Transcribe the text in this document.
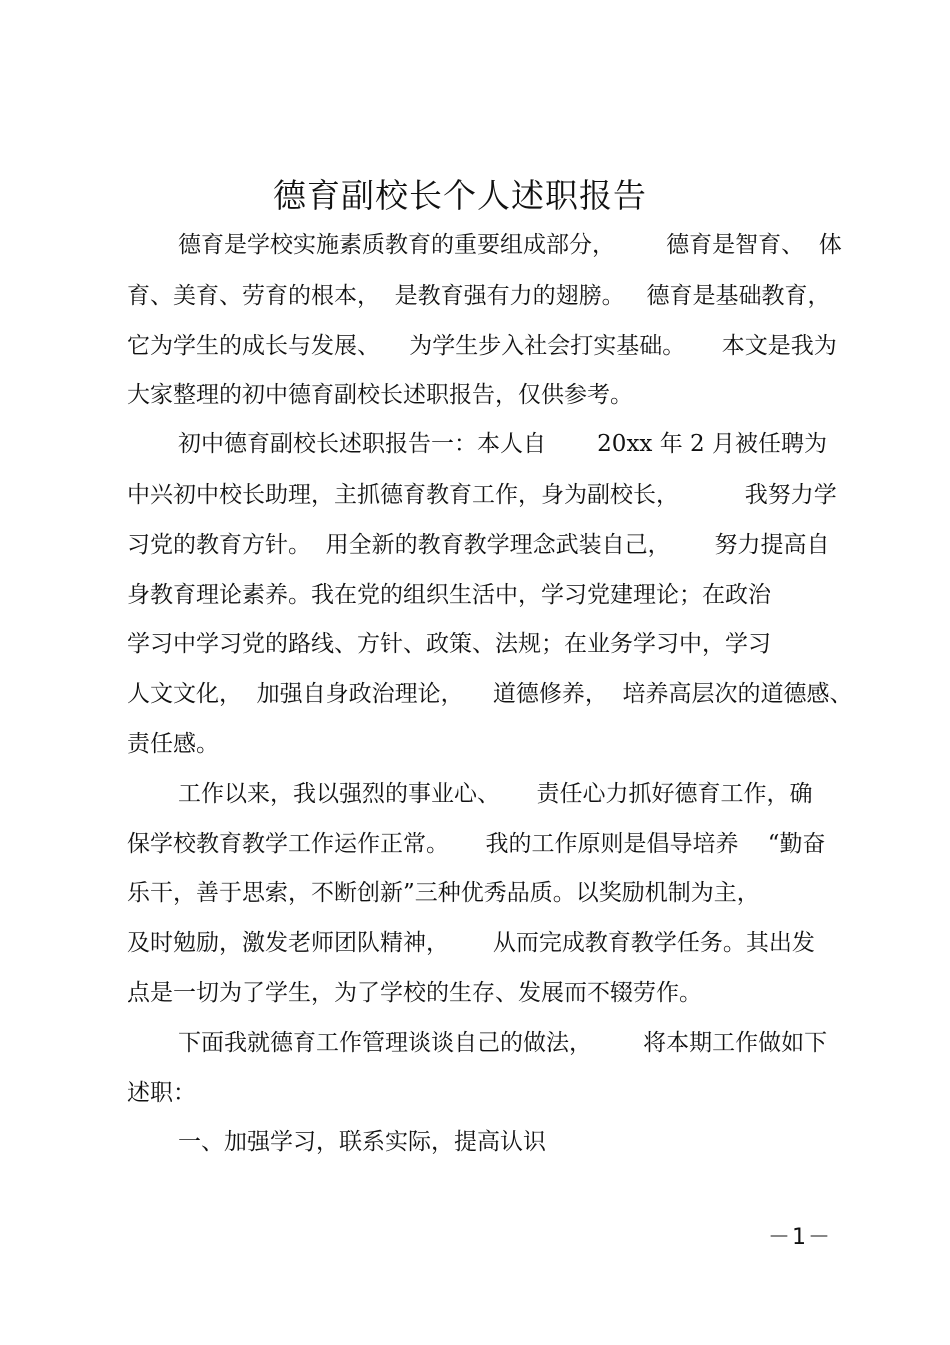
德育副校长个人述职报告

德育是学校实施素质教育的重要组成部分，       德育是智育、  体

育、美育、劳育的根本，  是教育强有力的翅膀。   德育是基础教育，

它为学生的成长与发展、    为学生步入社会打实基础。     本文是我为

大家整理的初中德育副校长述职报告，仅供参考。

初中德育副校长述职报告一：本人自       20xx 年 2 月被任聘为

中兴初中校长助理，主抓德育教育工作，身为副校长，         我努力学

习党的教育方针。  用全新的教育教学理念武装自己，      努力提高自

身教育理论素养。我在党的组织生活中，学习党建理论；在政治

学习中学习党的路线、方针、政策、法规；在业务学习中，学习

人文文化，  加强自身政治理论，    道德修养，  培养高层次的道德感、

责任感。

工作以来，我以强烈的事业心、     责任心力抓好德育工作，确

保学校教育教学工作运作正常。     我的工作原则是倡导培养    “勤奋

乐干，善于思索，不断创新”三种优秀品质。以奖励机制为主，

及时勉励，激发老师团队精神，      从而完成教育教学任务。其出发

点是一切为了学生，为了学校的生存、发展而不辍劳作。

下面我就德育工作管理谈谈自己的做法，       将本期工作做如下

述职：

一、加强学习，联系实际，提高认识

－1－
